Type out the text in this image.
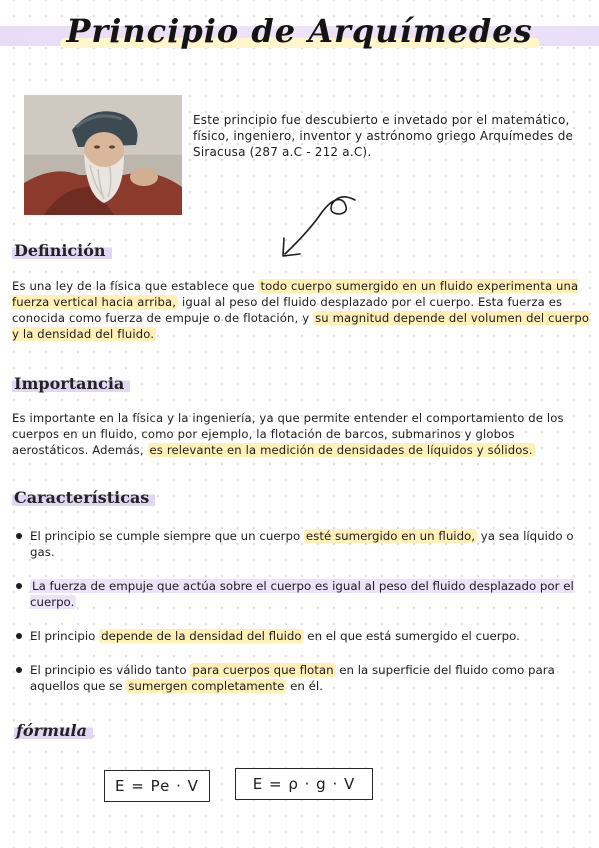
Principio de Arquímedes
Este principio fue descubierto e invetado por el matemático, físico, ingeniero, inventor y astrónomo griego Arquímedes de Siracusa (287 a.C - 212 a.C).
Definición
Es una ley de la física que establece que todo cuerpo sumergido en un fluido experimenta una fuerza vertical hacia arriba, igual al peso del fluido desplazado por el cuerpo. Esta fuerza es conocida como fuerza de empuje o de flotación, y su magnitud depende del volumen del cuerpo y la densidad del fluido.
Importancia
Es importante en la física y la ingeniería, ya que permite entender el comportamiento de los cuerpos en un fluido, como por ejemplo, la flotación de barcos, submarinos y globos aerostáticos. Además, es relevante en la medición de densidades de líquidos y sólidos.
Características
El principio se cumple siempre que un cuerpo esté sumergido en un fluido, ya sea líquido o gas.
La fuerza de empuje que actúa sobre el cuerpo es igual al peso del fluido desplazado por el cuerpo.
El principio depende de la densidad del fluido en el que está sumergido el cuerpo.
El principio es válido tanto para cuerpos que flotan en la superficie del fluido como para aquellos que se sumergen completamente en él.
fórmula
E = Pe · V	E = ρ · g · V
